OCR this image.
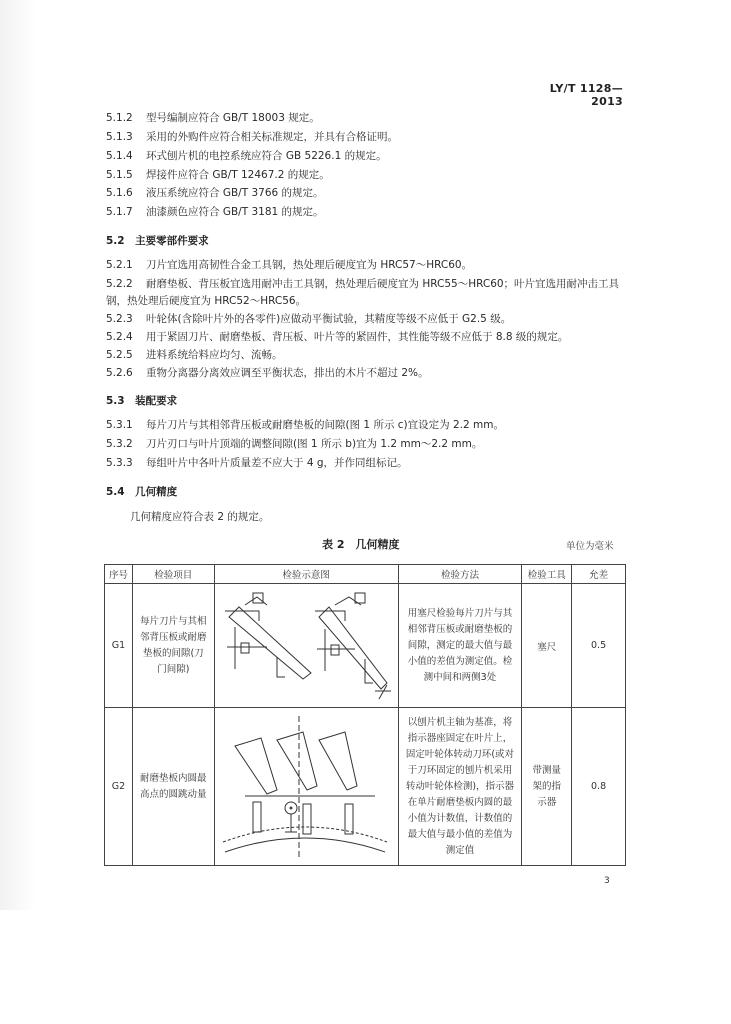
LY/T 1128—2013
5.1.2 型号编制应符合 GB/T 18003 规定。
5.1.3 采用的外购件应符合相关标准规定，并具有合格证明。
5.1.4 环式刨片机的电控系统应符合 GB 5226.1 的规定。
5.1.5 焊接件应符合 GB/T 12467.2 的规定。
5.1.6 液压系统应符合 GB/T 3766 的规定。
5.1.7 油漆颜色应符合 GB/T 3181 的规定。
5.2　主要零部件要求
5.2.1 刀片宜选用高韧性合金工具钢，热处理后硬度宜为 HRC57～HRC60。
5.2.2 耐磨垫板、背压板宜选用耐冲击工具钢，热处理后硬度宜为 HRC55～HRC60；叶片宜选用耐冲击工具钢，热处理后硬度宜为 HRC52～HRC56。
5.2.3 叶轮体(含除叶片外的各零件)应做动平衡试验，其精度等级不应低于 G2.5 级。
5.2.4 用于紧固刀片、耐磨垫板、背压板、叶片等的紧固件，其性能等级不应低于 8.8 级的规定。
5.2.5 进料系统给料应均匀、流畅。
5.2.6 重物分离器分离效应调至平衡状态，排出的木片不超过 2%。
5.3　装配要求
5.3.1 每片刀片与其相邻背压板或耐磨垫板的间隙(图 1 所示 c)宜设定为 2.2 mm。
5.3.2 刀片刃口与叶片顶端的调整间隙(图 1 所示 b)宜为 1.2 mm～2.2 mm。
5.3.3 每组叶片中各叶片质量差不应大于 4 g，并作同组标记。
5.4　几何精度
几何精度应符合表 2 的规定。
表 2　几何精度	单位为毫米
序号	检验项目	检验示意图	检验方法	检验工具	允差
G1	每片刀片与其相邻背压板或耐磨垫板的间隙(刀门间隙)		用塞尺检验每片刀片与其相邻背压板或耐磨垫板的间隙，测定的最大值与最小值的差值为测定值。检测中间和两侧3处	塞尺	0.5
G2	耐磨垫板内圆最高点的圆跳动量		以刨片机主轴为基准，将指示器座固定在叶片上，固定叶轮体转动刀环(或对于刀环固定的刨片机采用转动叶轮体检测)，指示器在单片耐磨垫板内圆的最小值为计数值，计数值的最大值与最小值的差值为测定值	带测量架的指示器	0.8
3
